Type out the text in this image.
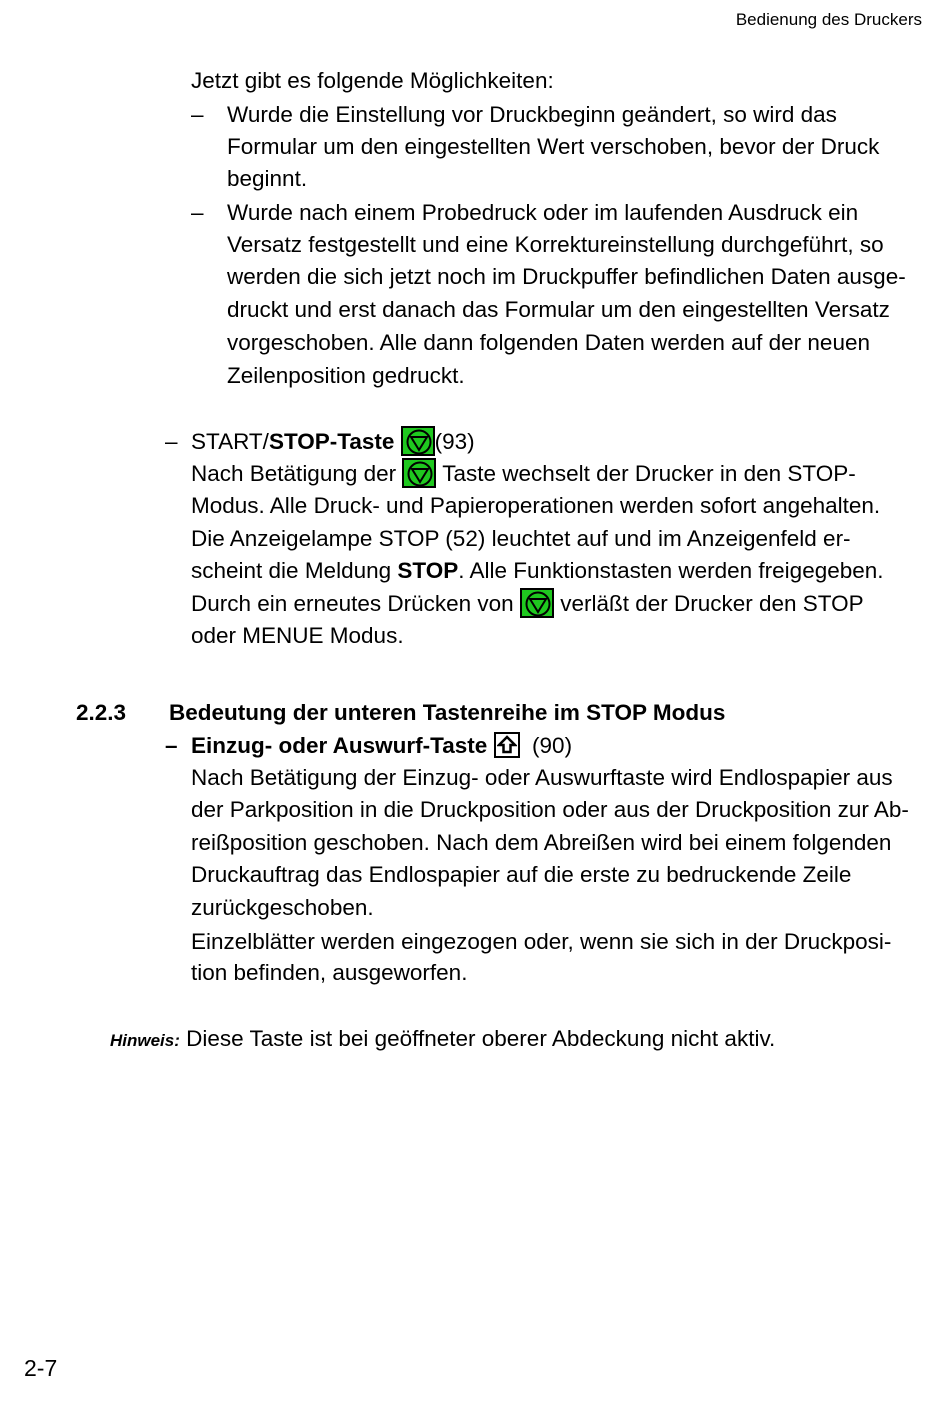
Bedienung des Druckers
Jetzt gibt es folgende Möglichkeiten:
– Wurde die Einstellung vor Druckbeginn geändert, so wird das
Formular um den eingestellten Wert verschoben, bevor der Druck
beginnt.
– Wurde nach einem Probedruck oder im laufenden Ausdruck ein
Versatz festgestellt und eine Korrektureinstellung durchgeführt, so
werden die sich jetzt noch im Druckpuffer befindlichen Daten ausge-
druckt und erst danach das Formular um den eingestellten Versatz
vorgeschoben. Alle dann folgenden Daten werden auf der neuen
Zeilenposition gedruckt.
– START/STOP-Taste (93)
Nach Betätigung der Taste wechselt der Drucker in den STOP-
Modus. Alle Druck- und Papieroperationen werden sofort angehalten.
Die Anzeigelampe STOP (52) leuchtet auf und im Anzeigenfeld er-
scheint die Meldung STOP. Alle Funktionstasten werden freigegeben.
Durch ein erneutes Drücken von verläßt der Drucker den STOP
oder MENUE Modus.
2.2.3 Bedeutung der unteren Tastenreihe im STOP Modus
– Einzug- oder Auswurf-Taste (90)
Nach Betätigung der Einzug- oder Auswurftaste wird Endlospapier aus
der Parkposition in die Druckposition oder aus der Druckposition zur Ab-
reißposition geschoben. Nach dem Abreißen wird bei einem folgenden
Druckauftrag das Endlospapier auf die erste zu bedruckende Zeile
zurückgeschoben.
Einzelblätter werden eingezogen oder, wenn sie sich in der Druckposi-
tion befinden, ausgeworfen.
Hinweis: Diese Taste ist bei geöffneter oberer Abdeckung nicht aktiv.
2-7
